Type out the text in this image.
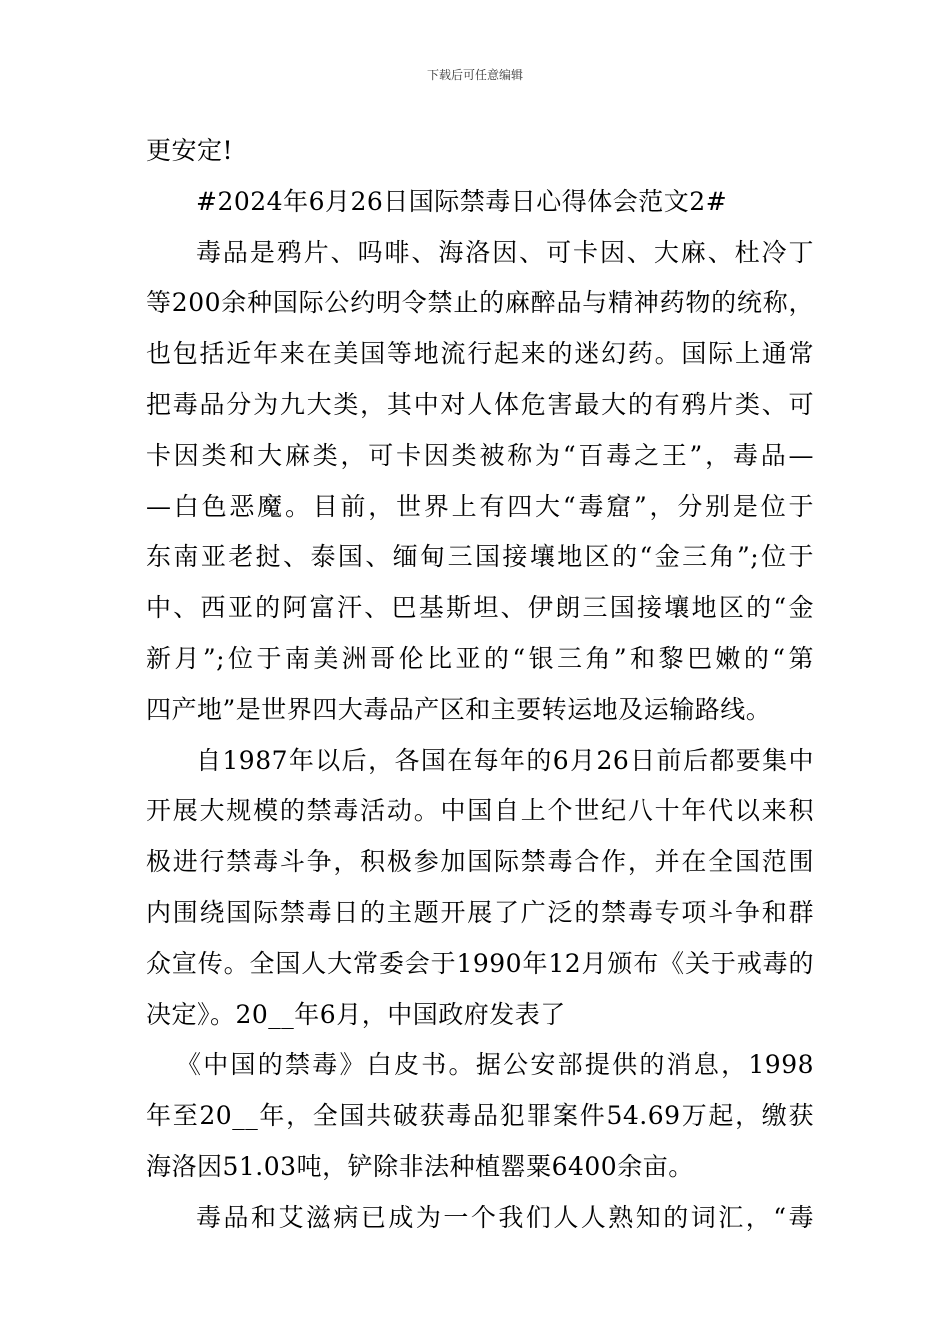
下载后可任意编辑
更安定!
#2024年6月26日国际禁毒日心得体会范文2#
毒品是鸦片、吗啡、海洛因、可卡因、大麻、杜冷丁
等200余种国际公约明令禁止的麻醉品与精神药物的统称，
也包括近年来在美国等地流行起来的迷幻药。国际上通常
把毒品分为九大类，其中对人体危害最大的有鸦片类、可
卡因类和大麻类，可卡因类被称为“百毒之王”，毒品—
—白色恶魔。目前，世界上有四大“毒窟”，分别是位于
东南亚老挝、泰国、缅甸三国接壤地区的“金三角”;位于
中、西亚的阿富汗、巴基斯坦、伊朗三国接壤地区的“金
新月”;位于南美洲哥伦比亚的“银三角”和黎巴嫩的“第
四产地”是世界四大毒品产区和主要转运地及运输路线。
自1987年以后，各国在每年的6月26日前后都要集中
开展大规模的禁毒活动。中国自上个世纪八十年代以来积
极进行禁毒斗争，积极参加国际禁毒合作，并在全国范围
内围绕国际禁毒日的主题开展了广泛的禁毒专项斗争和群
众宣传。全国人大常委会于1990年12月颁布《关于戒毒的
决定》。20__年6月，中国政府发表了
《中国的禁毒》白皮书。据公安部提供的消息，1998
年至20__年，全国共破获毒品犯罪案件54.69万起，缴获
海洛因51.03吨，铲除非法种植罂粟6400余亩。
毒品和艾滋病已成为一个我们人人熟知的词汇，“毒
